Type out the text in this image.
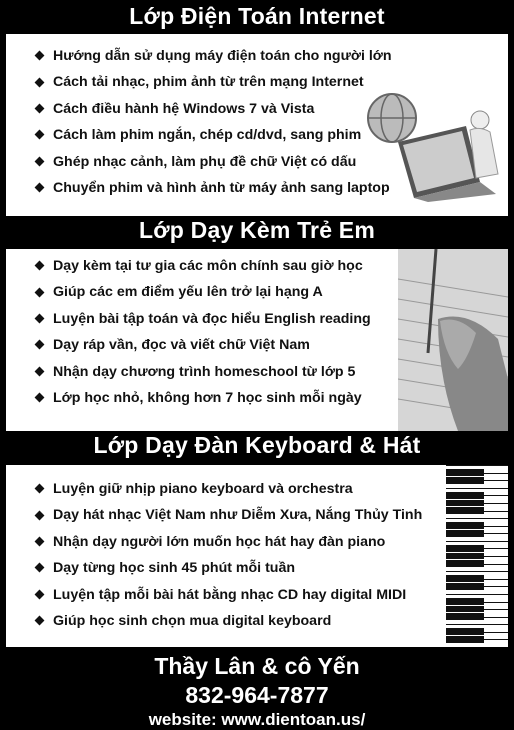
Lớp Điện Toán Internet
Hướng dẫn sử dụng máy điện toán cho người lớn
Cách tải nhạc, phim ảnh từ trên mạng Internet
Cách điều hành hệ Windows 7 và Vista
Cách làm phim ngắn, chép cd/dvd, sang phim
Ghép nhạc cảnh, làm phụ đề chữ Việt có dấu
Chuyển phim và hình ảnh từ máy ảnh sang laptop
Lớp Dạy Kèm Trẻ Em
Dạy kèm tại tư gia các môn chính sau giờ học
Giúp các em điểm yếu lên trở lại hạng A
Luyện bài tập toán và đọc hiểu English reading
Dạy ráp vần, đọc và viết chữ Việt Nam
Nhận dạy chương trình homeschool từ lớp 5
Lớp học nhỏ, không hơn 7 học sinh mỗi ngày
Lớp Dạy Đàn Keyboard & Hát
Luyện giữ nhịp piano keyboard và orchestra
Dạy hát nhạc Việt Nam như Diễm Xưa, Nắng Thủy Tinh
Nhận dạy người lớn muốn học hát hay đàn piano
Dạy từng học sinh 45 phút mỗi tuần
Luyện tập mỗi bài hát bằng nhạc CD hay digital MIDI
Giúp học sinh chọn mua digital keyboard
Thầy Lân & cô Yến
832-964-7877
website: www.dientoan.us/
